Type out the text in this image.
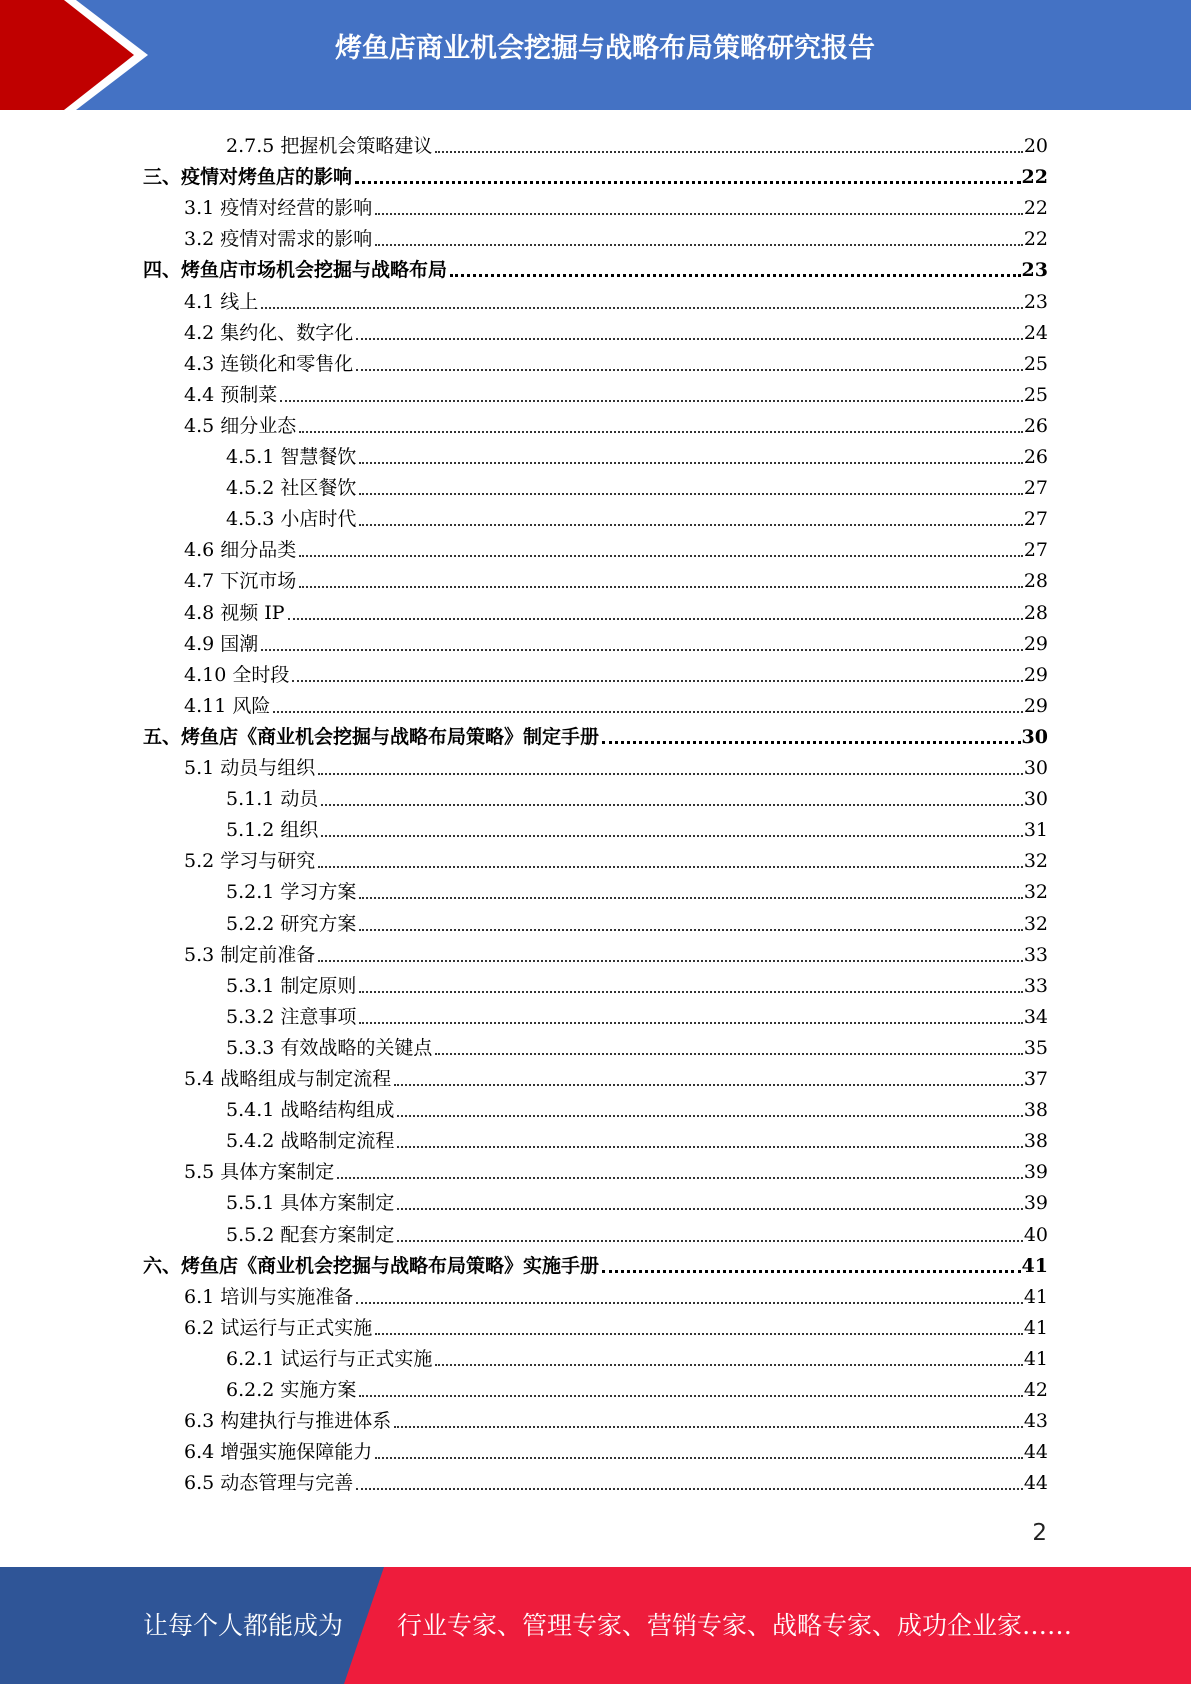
烤鱼店商业机会挖掘与战略布局策略研究报告
2.7.5 把握机会策略建议	20
三、疫情对烤鱼店的影响	22
3.1 疫情对经营的影响	22
3.2 疫情对需求的影响	22
四、烤鱼店市场机会挖掘与战略布局	23
4.1 线上	23
4.2 集约化、数字化	24
4.3 连锁化和零售化	25
4.4 预制菜	25
4.5 细分业态	26
4.5.1 智慧餐饮	26
4.5.2 社区餐饮	27
4.5.3 小店时代	27
4.6 细分品类	27
4.7 下沉市场	28
4.8 视频 IP	28
4.9 国潮	29
4.10 全时段	29
4.11 风险	29
五、烤鱼店《商业机会挖掘与战略布局策略》制定手册	30
5.1 动员与组织	30
5.1.1 动员	30
5.1.2 组织	31
5.2 学习与研究	32
5.2.1 学习方案	32
5.2.2 研究方案	32
5.3 制定前准备	33
5.3.1 制定原则	33
5.3.2 注意事项	34
5.3.3 有效战略的关键点	35
5.4 战略组成与制定流程	37
5.4.1 战略结构组成	38
5.4.2 战略制定流程	38
5.5 具体方案制定	39
5.5.1 具体方案制定	39
5.5.2 配套方案制定	40
六、烤鱼店《商业机会挖掘与战略布局策略》实施手册	41
6.1 培训与实施准备	41
6.2 试运行与正式实施	41
6.2.1 试运行与正式实施	41
6.2.2 实施方案	42
6.3 构建执行与推进体系	43
6.4 增强实施保障能力	44
6.5 动态管理与完善	44
2
让每个人都能成为 行业专家、管理专家、营销专家、战略专家、成功企业家……
